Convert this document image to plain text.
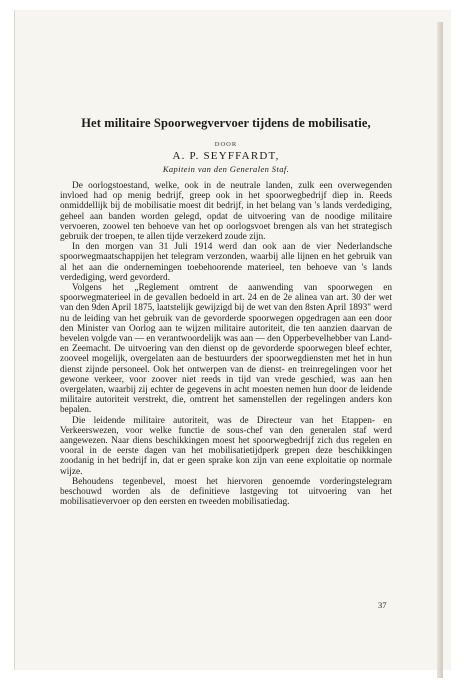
Het militaire Spoorwegvervoer tijdens de mobilisatie,

DOOR

A. P. SEYFFARDT,

Kapitein van den Generalen Staf.

De oorlogstoestand, welke, ook in de neutrale landen, zulk een overwegenden invloed had op menig bedrijf, greep ook in het spoorwegbedrijf diep in. Reeds onmiddellijk bij de mobilisatie moest dit bedrijf, in het belang van 's lands verdediging, geheel aan banden worden gelegd, opdat de uitvoering van de noodige militaire vervoeren, zoowel ten behoeve van het op oorlogsvoet brengen als van het strategisch gebruik der troepen, te allen tijde verzekerd zoude zijn.

In den morgen van 31 Juli 1914 werd dan ook aan de vier Nederlandsche spoorwegmaatschappijen het telegram verzonden, waarbij alle lijnen en het gebruik van al het aan die ondernemingen toebehoorende materieel, ten behoeve van 's lands verdediging, werd gevorderd.

Volgens het „Reglement omtrent de aanwending van spoorwegen en spoorwegmaterieel in de gevallen bedoeld in art. 24 en de 2e alinea van art. 30 der wet van den 9den April 1875, laatstelijk gewijzigd bij de wet van den 8sten April 1893" werd nu de leiding van het gebruik van de gevorderde spoorwegen opgedragen aan een door den Minister van Oorlog aan te wijzen militaire autoriteit, die ten aanzien daarvan de bevelen volgde van — en verantwoordelijk was aan — den Opperbevelhebber van Land- en Zeemacht. De uitvoering van den dienst op de gevorderde spoorwegen bleef echter, zooveel mogelijk, overgelaten aan de bestuurders der spoorwegdiensten met het in hun dienst zijnde personeel. Ook het ontwerpen van de dienst- en treinregelingen voor het gewone verkeer, voor zoover niet reeds in tijd van vrede geschied, was aan hen overgelaten, waarbij zij echter de gegevens in acht moesten nemen hun door de leidende militaire autoriteit verstrekt, die, omtrent het samenstellen der regelingen anders kon bepalen.

Die leidende militaire autoriteit, was de Directeur van het Etappen- en Verkeerswezen, voor welke functie de sous-chef van den generalen staf werd aangewezen. Naar diens beschikkingen moest het spoorwegbedrijf zich dus regelen en vooral in de eerste dagen van het mobilisatietijdperk grepen deze beschikkingen zoodanig in het bedrijf in, dat er geen sprake kon zijn van eene exploitatie op normale wijze.

Behoudens tegenbevel, moest het hiervoren genoemde vorderingstelegram beschouwd worden als de definitieve lastgeving tot uitvoering van het mobilisatievervoer op den eersten en tweeden mobilisatiedag.

37
